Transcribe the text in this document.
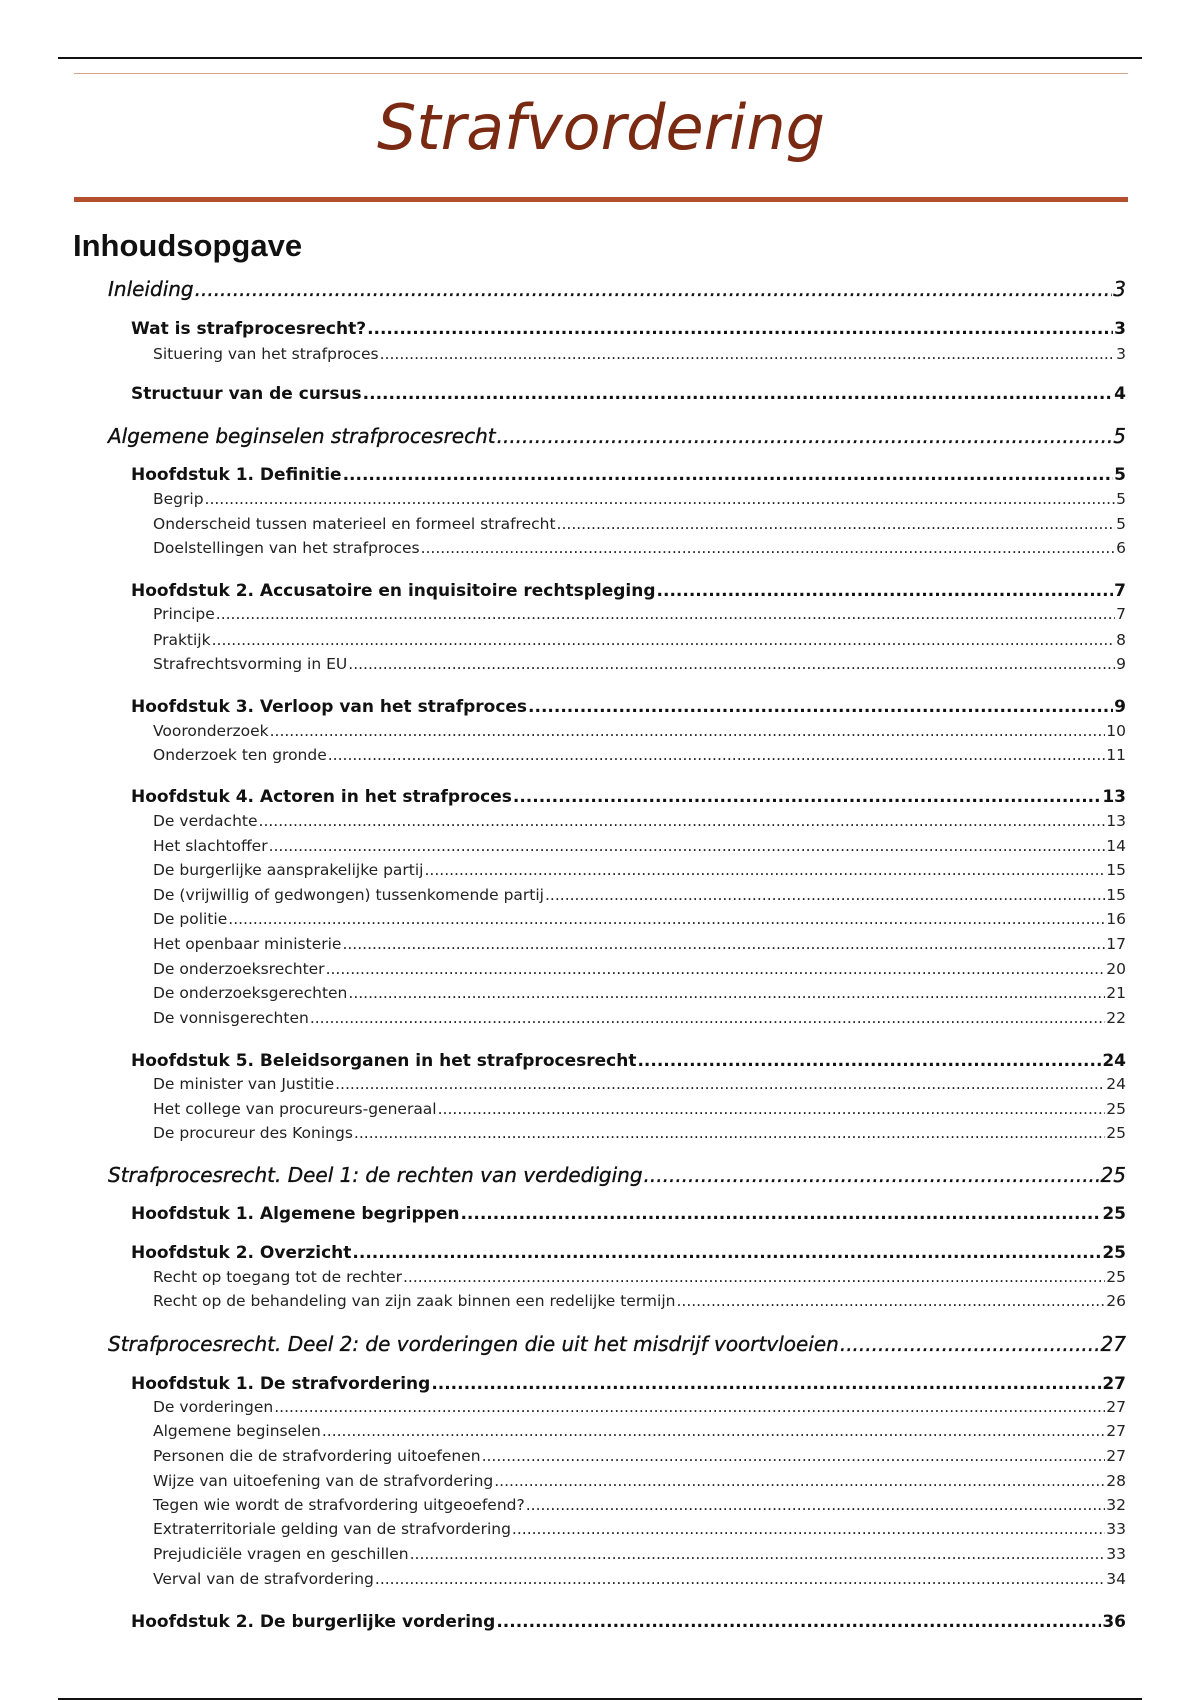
Strafvordering
Inhoudsopgave
Inleiding .....	3
Wat is strafprocesrecht? .....	3
Situering van het strafproces .....	3
Structuur van de cursus .....	4
Algemene beginselen strafprocesrecht .....	5
Hoofdstuk 1. Definitie .....	5
Begrip .....	5
Onderscheid tussen materieel en formeel strafrecht .....	5
Doelstellingen van het strafproces .....	6
Hoofdstuk 2. Accusatoire en inquisitoire rechtspleging .....	7
Principe .....	7
Praktijk .....	8
Strafrechtsvorming in EU .....	9
Hoofdstuk 3. Verloop van het strafproces .....	9
Vooronderzoek .....	10
Onderzoek ten gronde .....	11
Hoofdstuk 4. Actoren in het strafproces .....	13
De verdachte .....	13
Het slachtoffer .....	14
De burgerlijke aansprakelijke partij .....	15
De (vrijwillig of gedwongen) tussenkomende partij .....	15
De politie .....	16
Het openbaar ministerie .....	17
De onderzoeksrechter .....	20
De onderzoeksgerechten .....	21
De vonnisgerechten .....	22
Hoofdstuk 5. Beleidsorganen in het strafprocesrecht .....	24
De minister van Justitie .....	24
Het college van procureurs-generaal .....	25
De procureur des Konings .....	25
Strafprocesrecht. Deel 1: de rechten van verdediging .....	25
Hoofdstuk 1. Algemene begrippen .....	25
Hoofdstuk 2. Overzicht .....	25
Recht op toegang tot de rechter .....	25
Recht op de behandeling van zijn zaak binnen een redelijke termijn .....	26
Strafprocesrecht. Deel 2: de vorderingen die uit het misdrijf voortvloeien .....	27
Hoofdstuk 1. De strafvordering .....	27
De vorderingen .....	27
Algemene beginselen .....	27
Personen die de strafvordering uitoefenen .....	27
Wijze van uitoefening van de strafvordering .....	28
Tegen wie wordt de strafvordering uitgeoefend? .....	32
Extraterritoriale gelding van de strafvordering .....	33
Prejudiciële vragen en geschillen .....	33
Verval van de strafvordering .....	34
Hoofdstuk 2. De burgerlijke vordering .....	36
